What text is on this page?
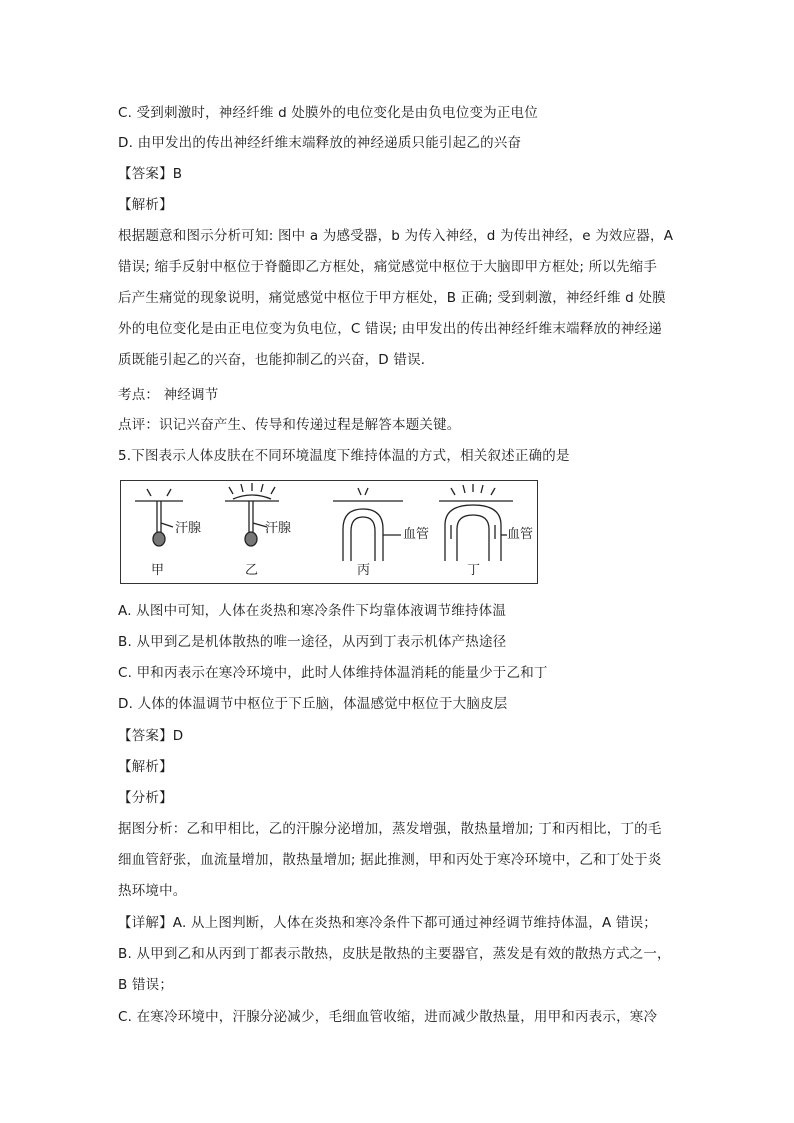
C. 受到刺激时，神经纤维 d 处膜外的电位变化是由负电位变为正电位
D. 由甲发出的传出神经纤维末端释放的神经递质只能引起乙的兴奋
【答案】B
【解析】
根据题意和图示分析可知: 图中 a 为感受器，b 为传入神经，d 为传出神经，e 为效应器，A
错误; 缩手反射中枢位于脊髓即乙方框处，痛觉感觉中枢位于大脑即甲方框处; 所以先缩手
后产生痛觉的现象说明，痛觉感觉中枢位于甲方框处，B 正确; 受到刺激，神经纤维 d 处膜
外的电位变化是由正电位变为负电位，C 错误; 由甲发出的传出神经纤维末端释放的神经递
质既能引起乙的兴奋，也能抑制乙的兴奋，D 错误．
考点： 神经调节
点评：识记兴奋产生、传导和传递过程是解答本题关键。
5.下图表示人体皮肤在不同环境温度下维持体温的方式，相关叙述正确的是
汗腺	汗腺	血管	血管
甲	乙	丙	丁
A. 从图中可知，人体在炎热和寒冷条件下均靠体液调节维持体温
B. 从甲到乙是机体散热的唯一途径，从丙到丁表示机体产热途径
C. 甲和丙表示在寒冷环境中，此时人体维持体温消耗的能量少于乙和丁
D. 人体的体温调节中枢位于下丘脑，体温感觉中枢位于大脑皮层
【答案】D
【解析】
【分析】
据图分析：乙和甲相比，乙的汗腺分泌增加，蒸发增强，散热量增加; 丁和丙相比，丁的毛
细血管舒张，血流量增加，散热量增加; 据此推测，甲和丙处于寒冷环境中，乙和丁处于炎
热环境中。
【详解】A. 从上图判断，人体在炎热和寒冷条件下都可通过神经调节维持体温，A 错误；
B. 从甲到乙和从丙到丁都表示散热，皮肤是散热的主要器官，蒸发是有效的散热方式之一，
B 错误；
C. 在寒冷环境中，汗腺分泌减少，毛细血管收缩，进而减少散热量，用甲和丙表示，寒冷
